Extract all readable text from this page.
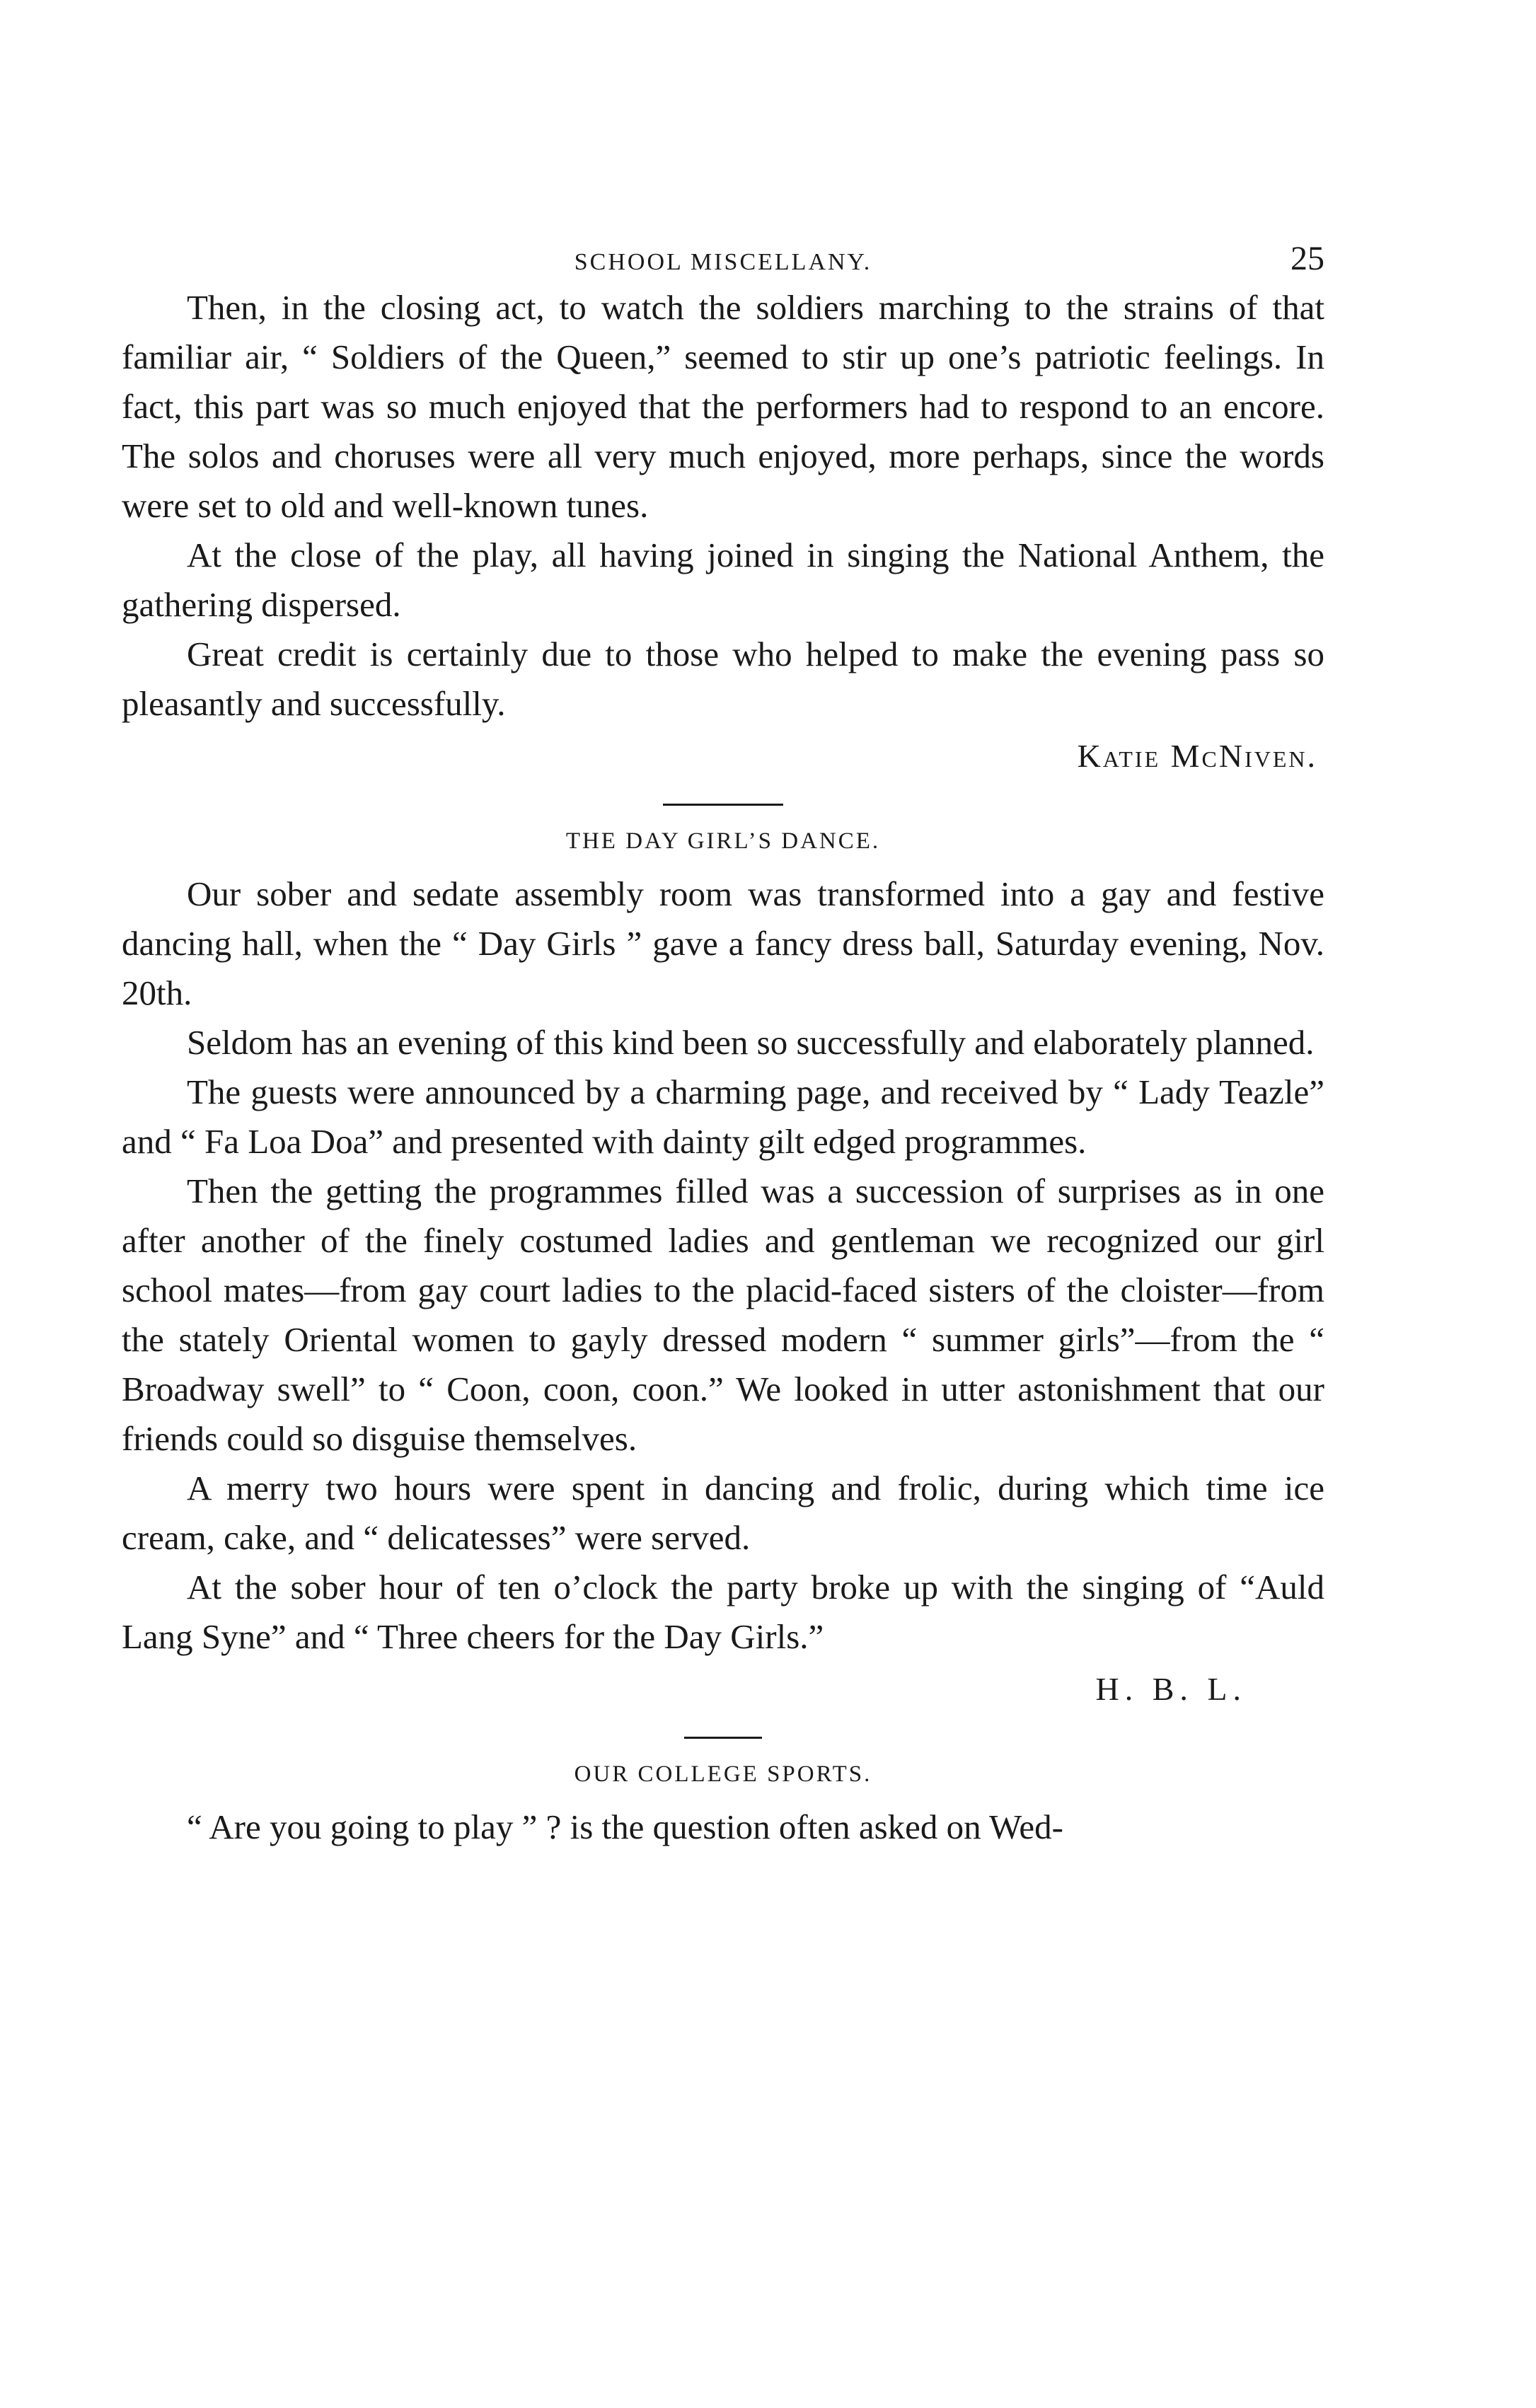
SCHOOL MISCELLANY.	25

Then, in the closing act, to watch the soldiers marching to the strains of that familiar air, “ Soldiers of the Queen,” seemed to stir up one’s patriotic feelings. In fact, this part was so much enjoyed that the performers had to respond to an encore. The solos and choruses were all very much enjoyed, more perhaps, since the words were set to old and well-known tunes.

At the close of the play, all having joined in singing the National Anthem, the gathering dispersed.

Great credit is certainly due to those who helped to make the evening pass so pleasantly and successfully.

Katie McNiven.
THE DAY GIRL’S DANCE.

Our sober and sedate assembly room was transformed into a gay and festive dancing hall, when the “ Day Girls ” gave a fancy dress ball, Saturday evening, Nov. 20th.

Seldom has an evening of this kind been so successfully and elaborately planned.

The guests were announced by a charming page, and received by “ Lady Teazle” and “ Fa Loa Doa” and presented with dainty gilt edged programmes.

Then the getting the programmes filled was a succession of surprises as in one after another of the finely costumed ladies and gentleman we recognized our girl school mates—from gay court ladies to the placid-faced sisters of the cloister—from the stately Oriental women to gayly dressed modern “ summer girls”—from the “ Broadway swell” to “ Coon, coon, coon.” We looked in utter astonishment that our friends could so disguise themselves.

A merry two hours were spent in dancing and frolic, during which time ice cream, cake, and “ delicatesses” were served.

At the sober hour of ten o’clock the party broke up with the singing of “Auld Lang Syne” and “ Three cheers for the Day Girls.”

H. B. L.
OUR COLLEGE SPORTS.

“ Are you going to play ” ? is the question often asked on Wed-
